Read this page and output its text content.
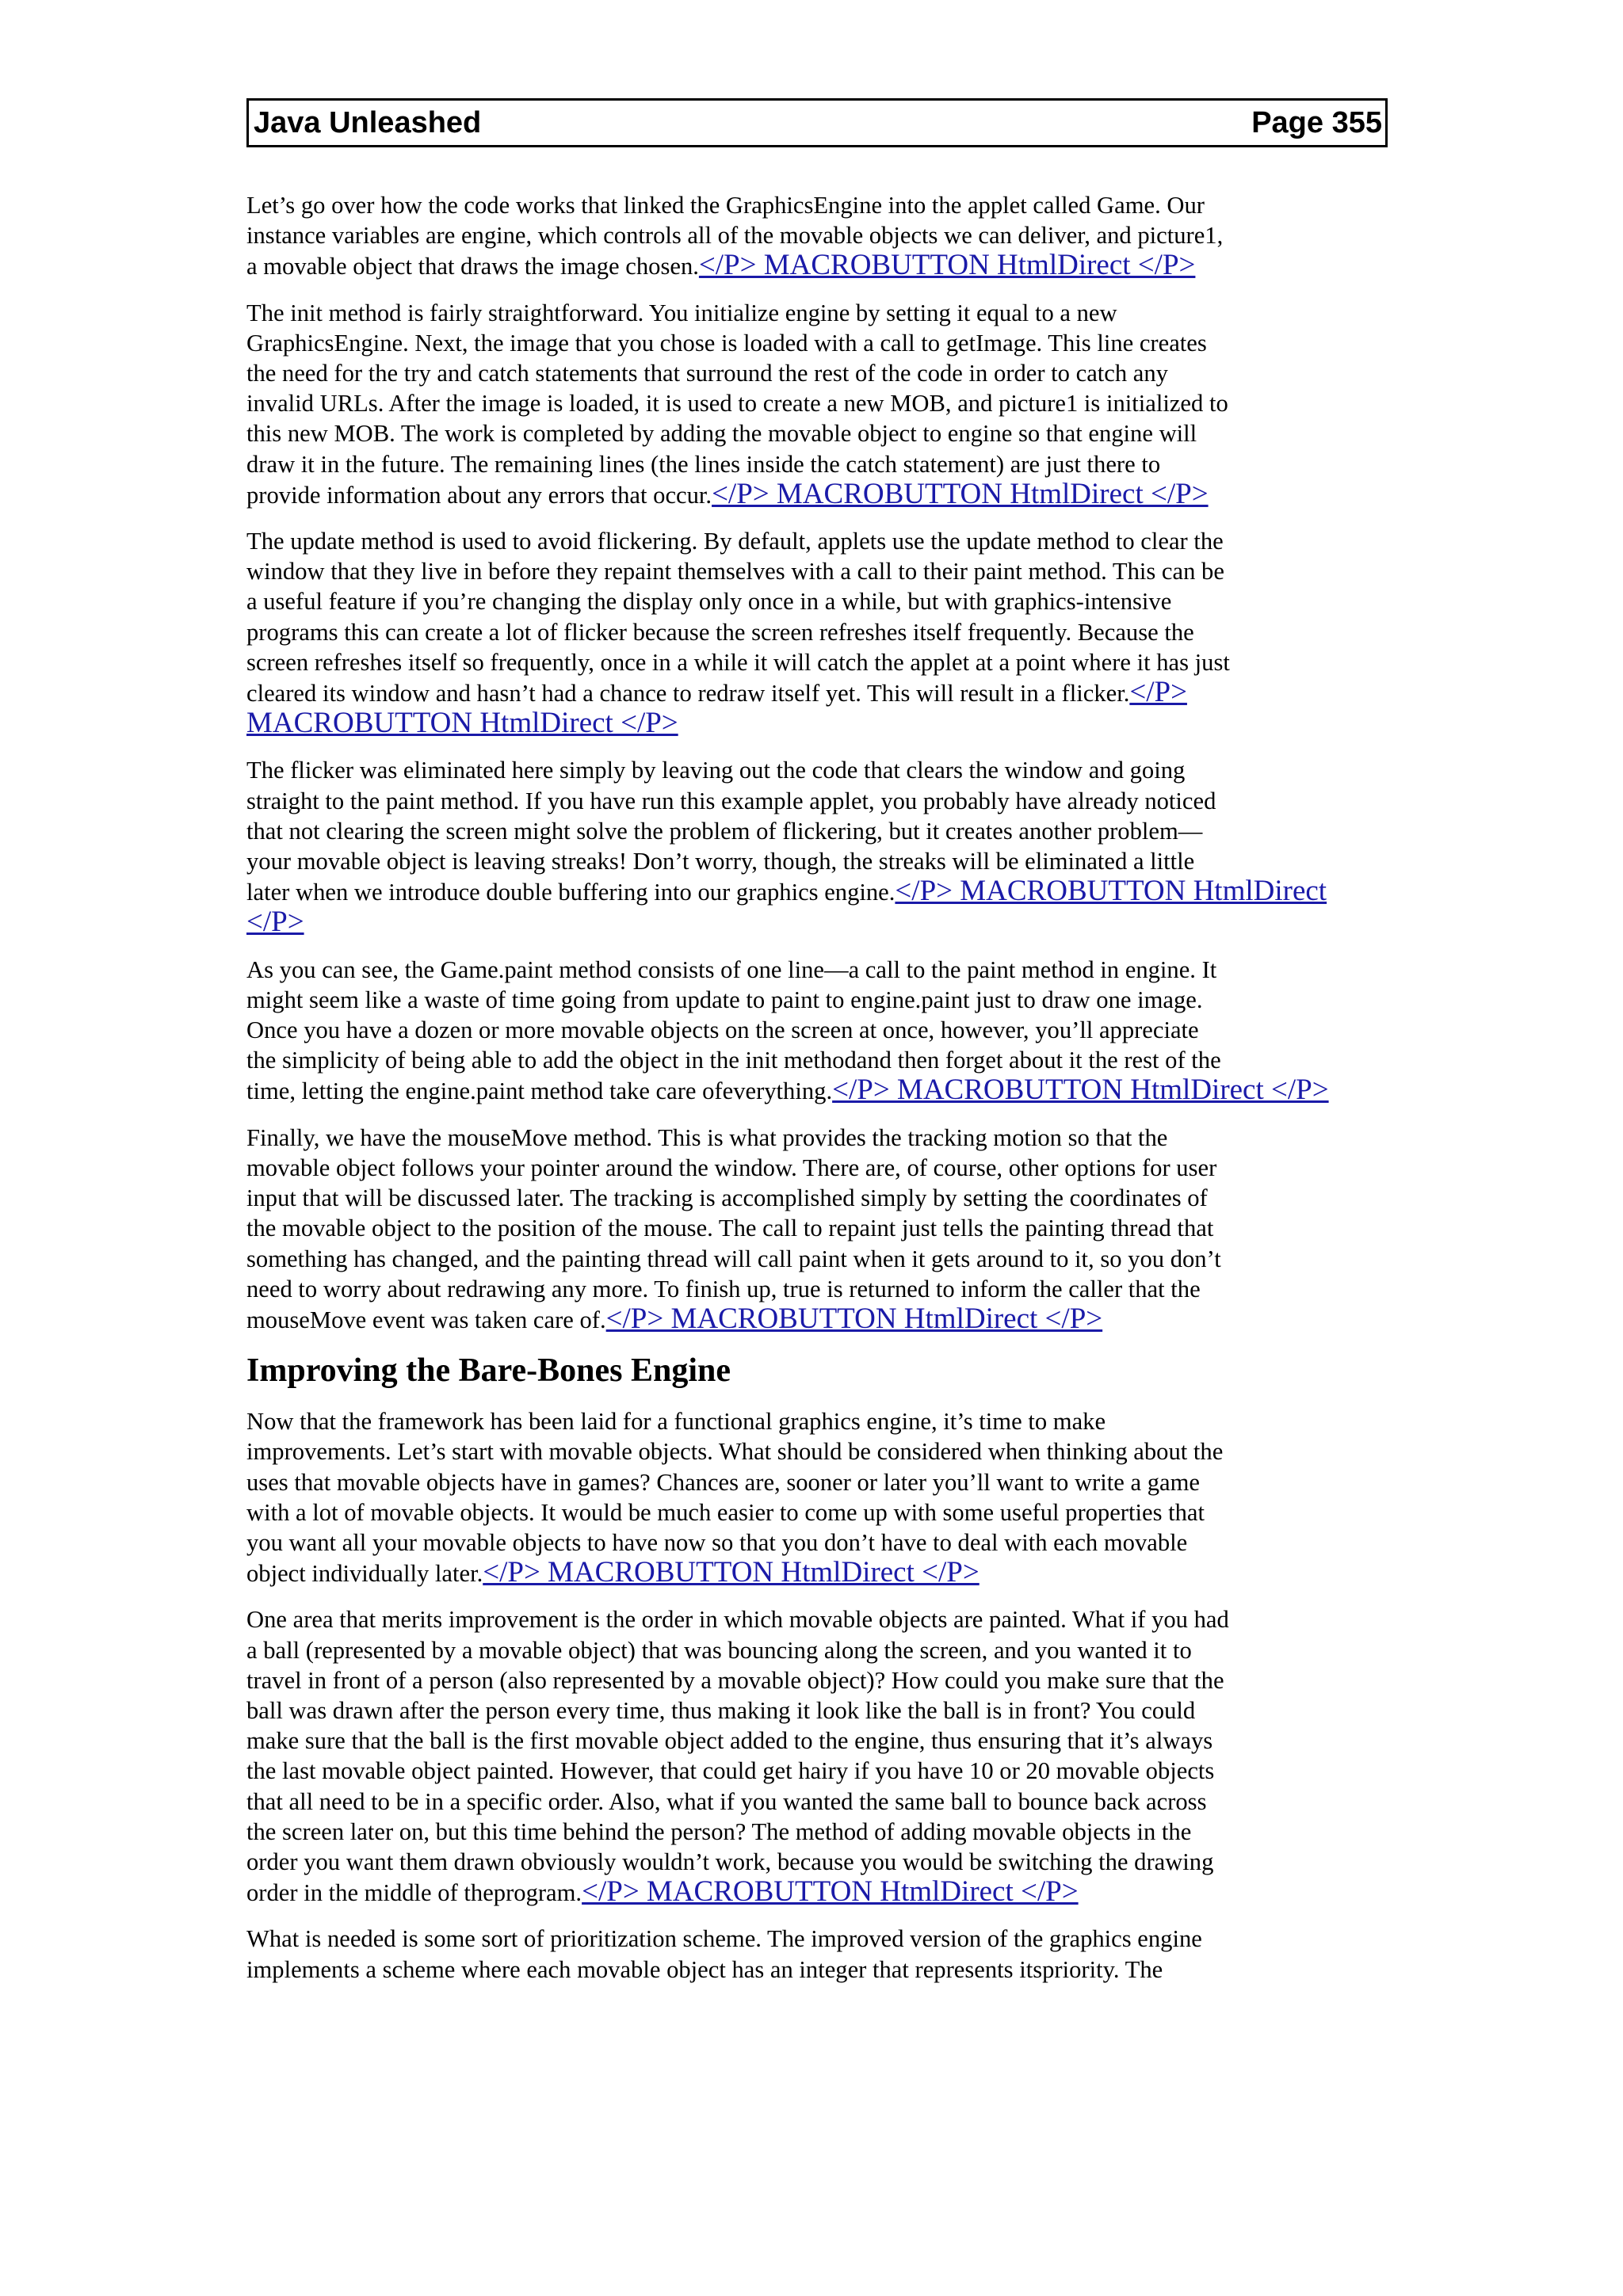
Java Unleashed	Page 355

Let’s go over how the code works that linked the GraphicsEngine into the applet called Game. Our
instance variables are engine, which controls all of the movable objects we can deliver, and picture1,
a movable object that draws the image chosen.</P> MACROBUTTON HtmlDirect </P>

The init method is fairly straightforward. You initialize engine by setting it equal to a new
GraphicsEngine. Next, the image that you chose is loaded with a call to getImage. This line creates
the need for the try and catch statements that surround the rest of the code in order to catch any
invalid URLs. After the image is loaded, it is used to create a new MOB, and picture1 is initialized to
this new MOB. The work is completed by adding the movable object to engine so that engine will
draw it in the future. The remaining lines (the lines inside the catch statement) are just there to
provide information about any errors that occur.</P> MACROBUTTON HtmlDirect </P>

The update method is used to avoid flickering. By default, applets use the update method to clear the
window that they live in before they repaint themselves with a call to their paint method. This can be
a useful feature if you’re changing the display only once in a while, but with graphics-intensive
programs this can create a lot of flicker because the screen refreshes itself frequently. Because the
screen refreshes itself so frequently, once in a while it will catch the applet at a point where it has just
cleared its window and hasn’t had a chance to redraw itself yet. This will result in a flicker.</P> MACROBUTTON HtmlDirect </P>

The flicker was eliminated here simply by leaving out the code that clears the window and going
straight to the paint method. If you have run this example applet, you probably have already noticed
that not clearing the screen might solve the problem of flickering, but it creates another problem—
your movable object is leaving streaks! Don’t worry, though, the streaks will be eliminated a little
later when we introduce double buffering into our graphics engine.</P> MACROBUTTON HtmlDirect </P>

As you can see, the Game.paint method consists of one line—a call to the paint method in engine. It
might seem like a waste of time going from update to paint to engine.paint just to draw one image.
Once you have a dozen or more movable objects on the screen at once, however, you’ll appreciate
the simplicity of being able to add the object in the init methodand then forget about it the rest of the
time, letting the engine.paint method take care ofeverything.</P> MACROBUTTON HtmlDirect </P>

Finally, we have the mouseMove method. This is what provides the tracking motion so that the
movable object follows your pointer around the window. There are, of course, other options for user
input that will be discussed later. The tracking is accomplished simply by setting the coordinates of
the movable object to the position of the mouse. The call to repaint just tells the painting thread that
something has changed, and the painting thread will call paint when it gets around to it, so you don’t
need to worry about redrawing any more. To finish up, true is returned to inform the caller that the
mouseMove event was taken care of.</P> MACROBUTTON HtmlDirect </P>

Improving the Bare-Bones Engine

Now that the framework has been laid for a functional graphics engine, it’s time to make
improvements. Let’s start with movable objects. What should be considered when thinking about the
uses that movable objects have in games? Chances are, sooner or later you’ll want to write a game
with a lot of movable objects. It would be much easier to come up with some useful properties that
you want all your movable objects to have now so that you don’t have to deal with each movable
object individually later.</P> MACROBUTTON HtmlDirect </P>

One area that merits improvement is the order in which movable objects are painted. What if you had
a ball (represented by a movable object) that was bouncing along the screen, and you wanted it to
travel in front of a person (also represented by a movable object)? How could you make sure that the
ball was drawn after the person every time, thus making it look like the ball is in front? You could
make sure that the ball is the first movable object added to the engine, thus ensuring that it’s always
the last movable object painted. However, that could get hairy if you have 10 or 20 movable objects
that all need to be in a specific order. Also, what if you wanted the same ball to bounce back across
the screen later on, but this time behind the person? The method of adding movable objects in the
order you want them drawn obviously wouldn’t work, because you would be switching the drawing
order in the middle of theprogram.</P> MACROBUTTON HtmlDirect </P>

What is needed is some sort of prioritization scheme. The improved version of the graphics engine
implements a scheme where each movable object has an integer that represents itspriority. The
